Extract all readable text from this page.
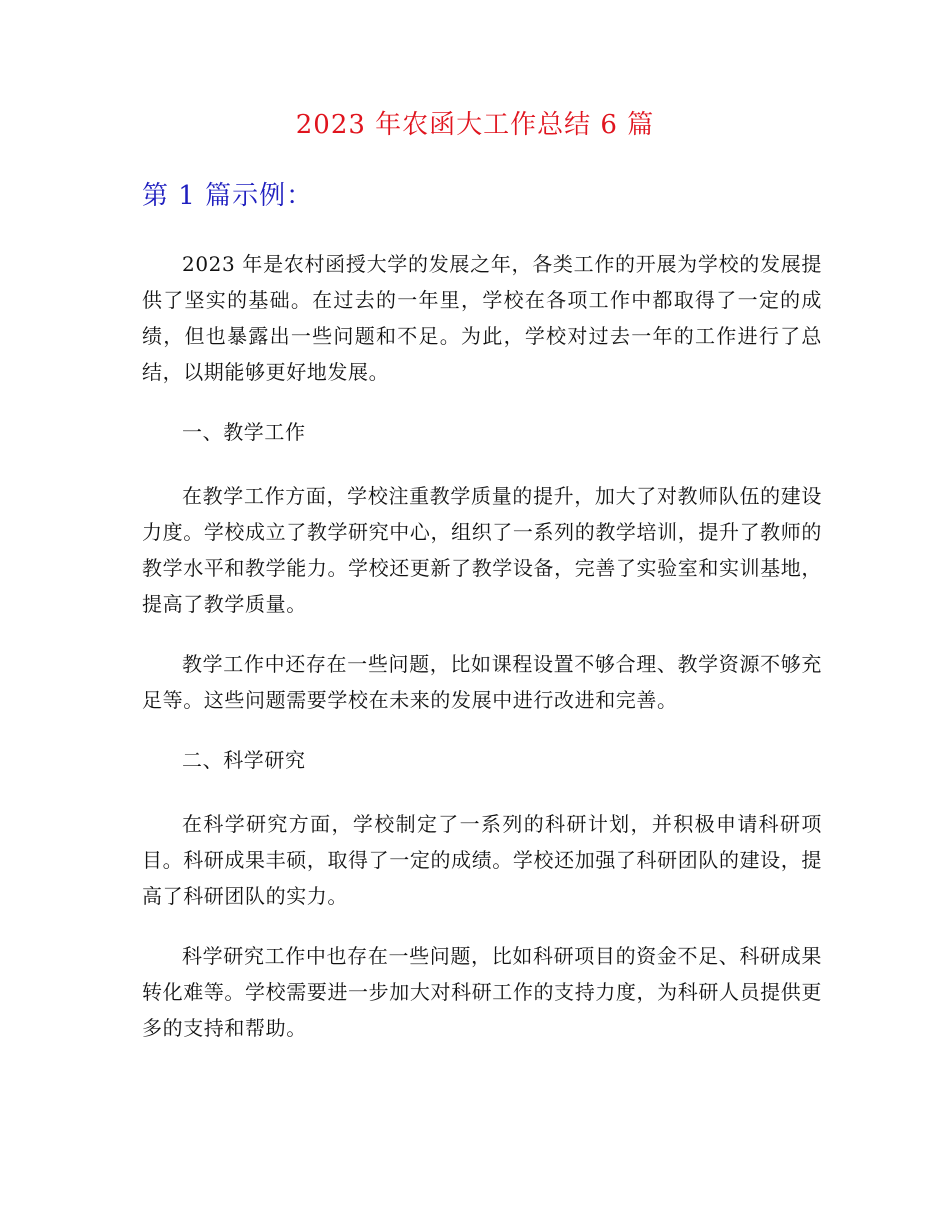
2023 年农函大工作总结 6 篇
第 1 篇示例：

2023 年是农村函授大学的发展之年，各类工作的开展为学校的发展提供了坚实的基础。在过去的一年里，学校在各项工作中都取得了一定的成绩，但也暴露出一些问题和不足。为此，学校对过去一年的工作进行了总结，以期能够更好地发展。

一、教学工作

在教学工作方面，学校注重教学质量的提升，加大了对教师队伍的建设力度。学校成立了教学研究中心，组织了一系列的教学培训，提升了教师的教学水平和教学能力。学校还更新了教学设备，完善了实验室和实训基地，提高了教学质量。

教学工作中还存在一些问题，比如课程设置不够合理、教学资源不够充足等。这些问题需要学校在未来的发展中进行改进和完善。

二、科学研究

在科学研究方面，学校制定了一系列的科研计划，并积极申请科研项目。科研成果丰硕，取得了一定的成绩。学校还加强了科研团队的建设，提高了科研团队的实力。

科学研究工作中也存在一些问题，比如科研项目的资金不足、科研成果转化难等。学校需要进一步加大对科研工作的支持力度，为科研人员提供更多的支持和帮助。
